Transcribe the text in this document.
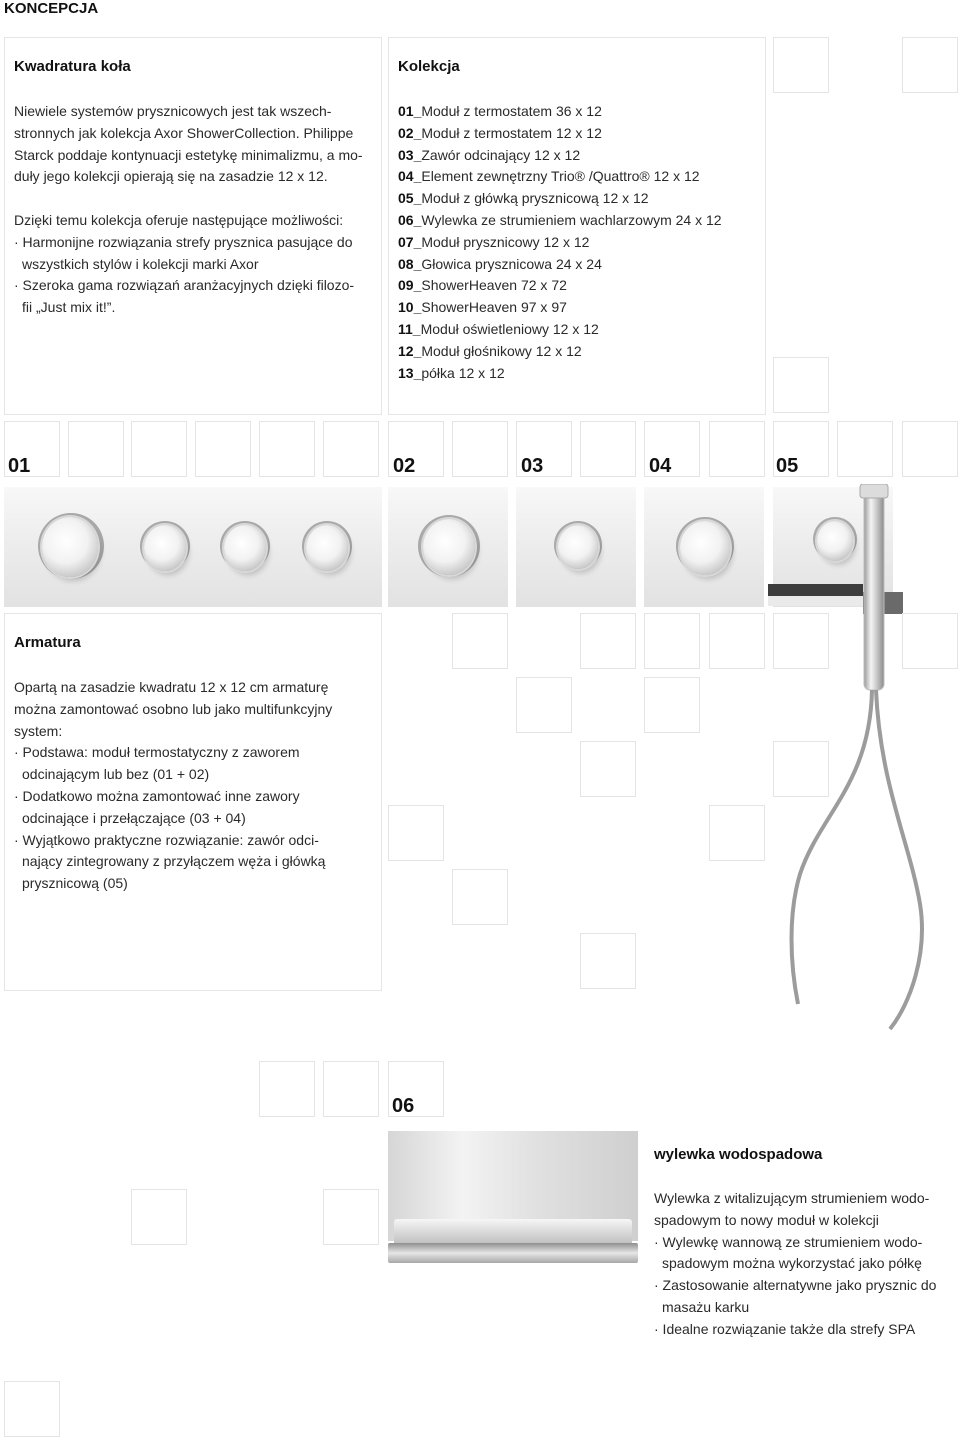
KONCEPCJA
Kwadratura koła
Niewiele systemów prysznicowych jest tak wszech-
stronnych jak kolekcja Axor ShowerCollection. Philippe
Starck poddaje kontynuacji estetykę minimalizmu, a mo-
duły jego kolekcji opierają się na zasadzie 12 x 12.
Dzięki temu kolekcja oferuje następujące możliwości:
· Harmonijne rozwiązania strefy prysznica pasujące do
wszystkich stylów i kolekcji marki Axor
· Szeroka gama rozwiązań aranżacyjnych dzięki filozo-
fii „Just mix it!”.
Kolekcja
01_Moduł z termostatem 36 x 12
02_Moduł z termostatem 12 x 12
03_Zawór odcinający 12 x 12
04_Element zewnętrzny Trio® /Quattro® 12 x 12
05_Moduł z główką prysznicową 12 x 12
06_Wylewka ze strumieniem wachlarzowym 24 x 12
07_Moduł prysznicowy 12 x 12
08_Głowica prysznicowa 24 x 24
09_ShowerHeaven 72 x 72
10_ShowerHeaven 97 x 97
11_Moduł oświetleniowy 12 x 12
12_Moduł głośnikowy 12 x 12
13_półka 12 x 12
01	02	03	04	05
Armatura
Opartą na zasadzie kwadratu 12 x 12 cm armaturę
można zamontować osobno lub jako multifunkcyjny
system:
· Podstawa: moduł termostatyczny z zaworem
odcinającym lub bez (01 + 02)
· Dodatkowo można zamontować inne zawory
odcinające i przełączające (03 + 04)
· Wyjątkowo praktyczne rozwiązanie: zawór odci-
nający zintegrowany z przyłączem węża i główką
prysznicową (05)
06
wylewka wodospadowa
Wylewka z witalizującym strumieniem wodo-
spadowym to nowy moduł w kolekcji
· Wylewkę wannową ze strumieniem wodo-
spadowym można wykorzystać jako półkę
· Zastosowanie alternatywne jako prysznic do
masażu karku
· Idealne rozwiązanie także dla strefy SPA
